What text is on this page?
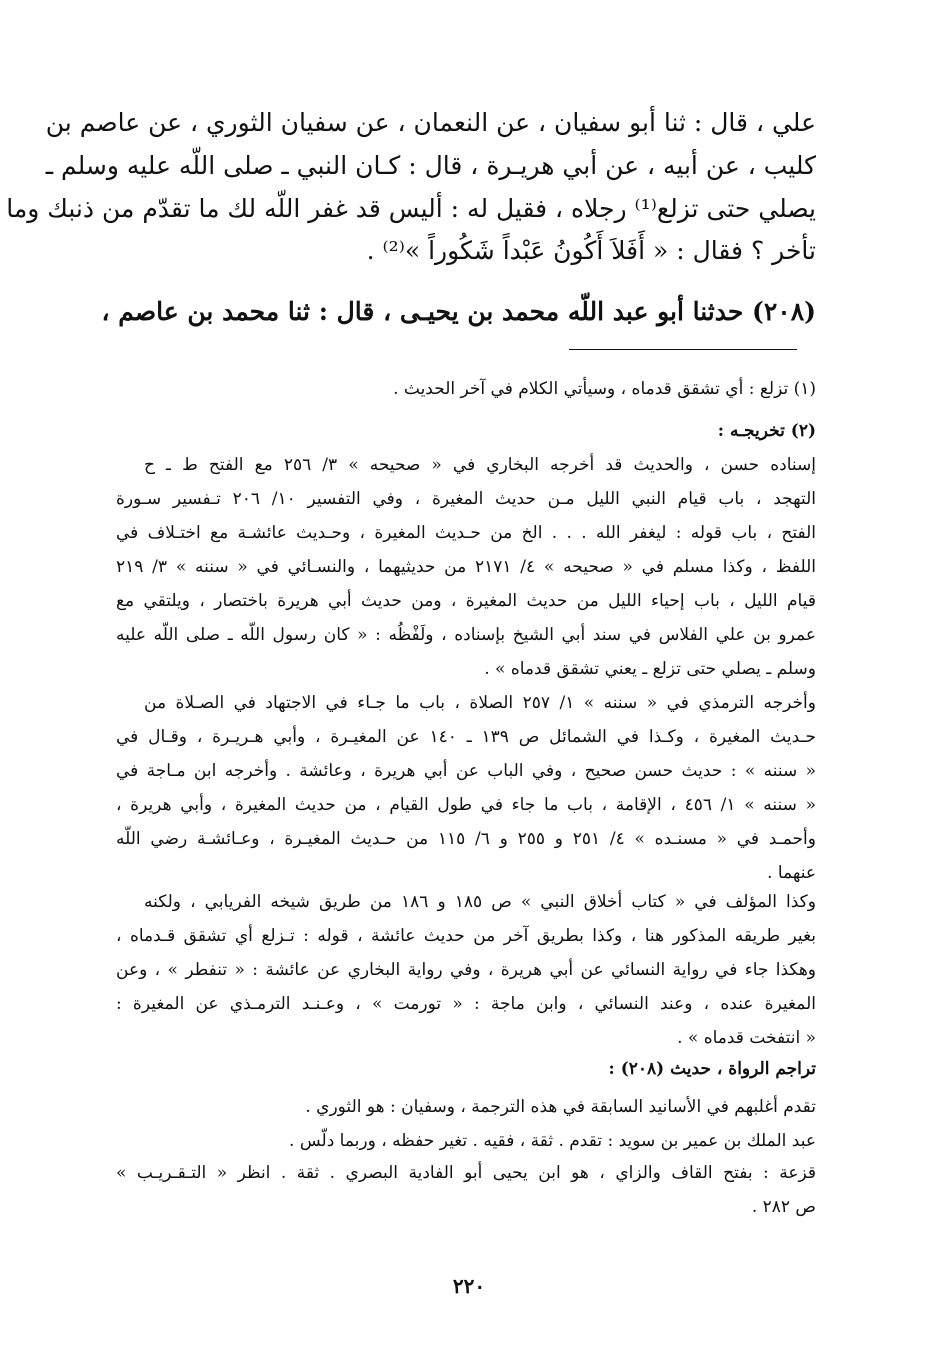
علي ، قال : ثنا أبو سفيان ، عن النعمان ، عن سفيان الثوري ، عن عاصم بن
كليب ، عن أبيه ، عن أبي هريـرة ، قال : كـان النبي ـ صلى اللّه عليه وسلم ـ
يصلي حتى تزلع⁽¹⁾ رجلاه ، فقيل له : أليس قد غفر اللّه لك ما تقدّم من ذنبك وما
تأخر ؟ فقال : « أَفَلاَ أَكُونُ عَبْداً شَكُوراً »⁽²⁾ .
(٢٠٨) حدثنا أبو عبد اللّه محمد بن يحيـى ، قال : ثنا محمد بن عاصم ،
(١) تزلع : أي تشقق قدماه ، وسيأتي الكلام في آخر الحديث .
(٢) تخريجـه :
إسناده حسن ، والحديث قد أخرجه البخاري في « صحيحه » ٣/ ٢٥٦ مع الفتح ط ـ ح
التهجد ، باب قيام النبي الليل مـن حديث المغيرة ، وفي التفسير ١٠/ ٢٠٦ تـفسير سـورة
الفتح ، باب قوله : ليغفر الله . . . الخ من حـديث المغيرة ، وحـديث عائشـة مع اختـلاف في
اللفظ ، وكذا مسلم في « صحيحه » ٤/ ٢١٧١ من حديثيهما ، والنسـائي في « سننه » ٣/ ٢١٩
قيام الليل ، باب إحياء الليل من حديث المغيرة ، ومن حديث أبي هريرة باختصار ، ويلتقي مع
عمرو بن علي الفلاس في سند أبي الشيخ بإسناده ، ولَفْظُه : « كان رسول اللّه ـ صلى اللّه عليه
وسلم ـ يصلي حتى تزلع ـ يعني تشقق قدماه » .
وأخرجه الترمذي في « سننه » ١/ ٢٥٧ الصلاة ، باب ما جـاء في الاجتهاد في الصـلاة من
حـديث المغيرة ، وكـذا في الشمائل ص ١٣٩ ـ ١٤٠ عن المغيـرة ، وأبي هـريـرة ، وقـال في
« سننه » : حديث حسن صحيح ، وفي الباب عن أبي هريرة ، وعائشة . وأخرجه ابن مـاجة في
« سننه » ١/ ٤٥٦ ، الإقامة ، باب ما جاء في طول القيام ، من حديث المغيرة ، وأبي هريرة ،
وأحمـد في « مسنـده » ٤/ ٢٥١ و ٢٥٥ و ٦/ ١١٥ من حـديث المغيـرة ، وعـائشـة رضي اللّه
عنهما .
وكذا المؤلف في « كتاب أخلاق النبي » ص ١٨٥ و ١٨٦ من طريق شيخه الفريابي ، ولكنه
بغير طريقه المذكور هنا ، وكذا بطريق آخر من حديث عائشة ، قوله : تـزلع أي تشقق قـدماه ،
وهكذا جاء في رواية النسائي عن أبي هريرة ، وفي رواية البخاري عن عائشة : « تنفطر » ، وعن
المغيرة عنده ، وعند النسائي ، وابن ماجة : « تورمت » ، وعـنـد الترمـذي عن المغيرة :
« انتفخت قدماه » .
تراجم الرواة ، حديث (٢٠٨) :
تقدم أغلبهم في الأسانيد السابقة في هذه الترجمة ، وسفيان : هو الثوري .
عبد الملك بن عمير بن سويد : تقدم . ثقة ، فقيه . تغير حفظه ، وربما دلّس .
قزعة : بفتح القاف والزاي ، هو ابن يحيى أبو الفادية البصري . ثقة . انظر « التـقـريـب »
ص ٢٨٢ .
٢٢٠
